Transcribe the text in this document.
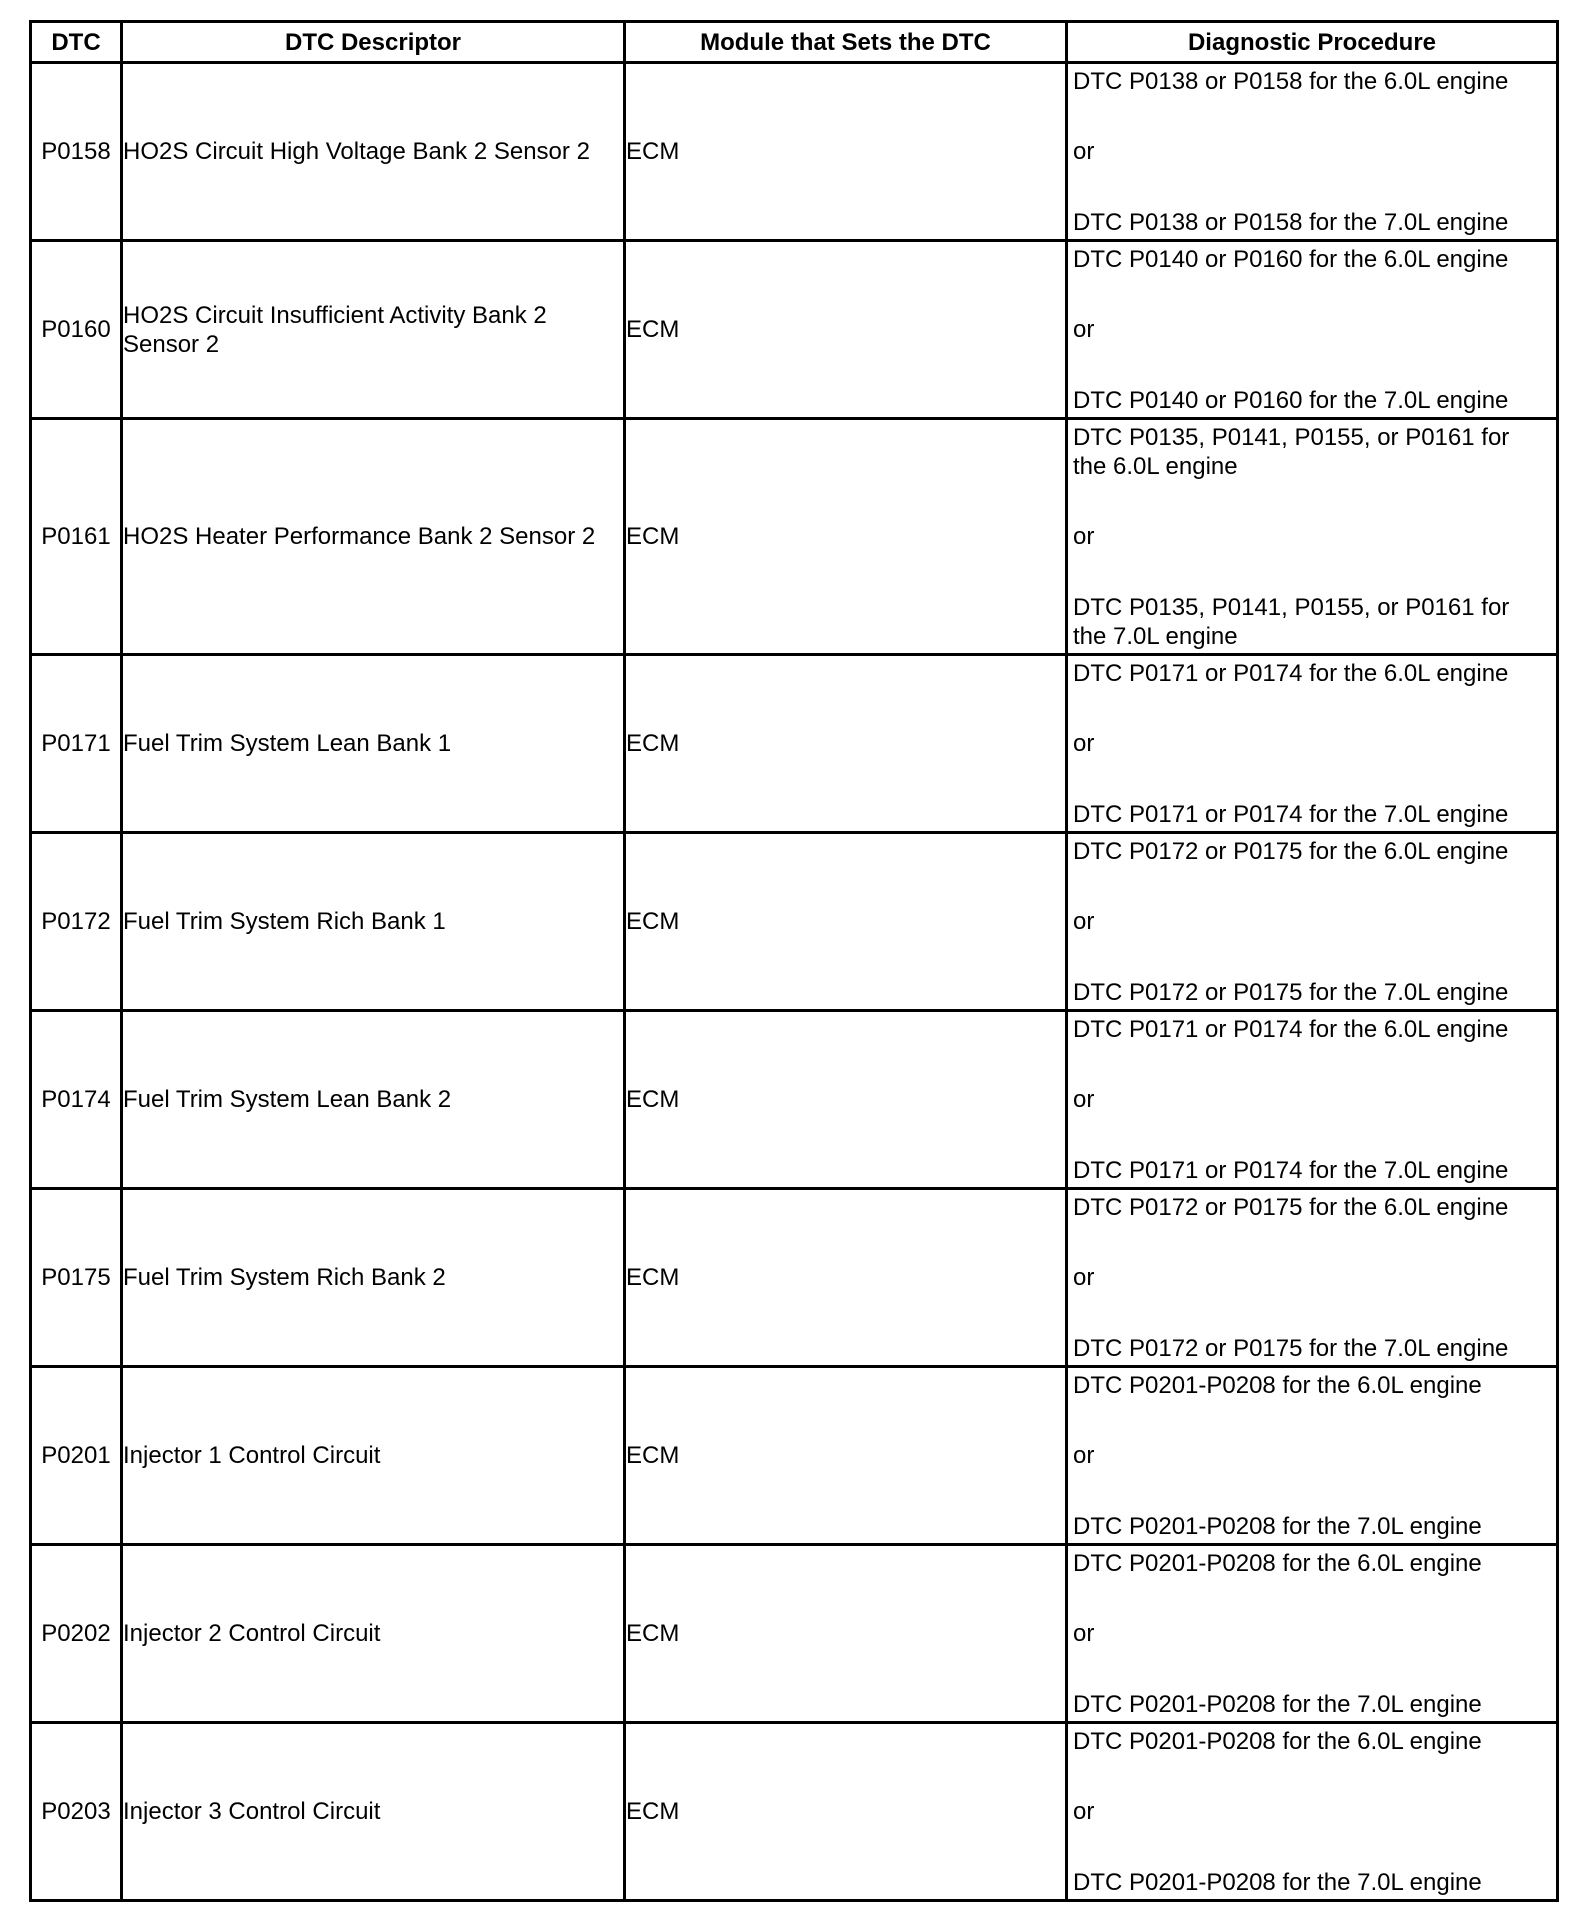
DTC	DTC Descriptor	Module that Sets the DTC	Diagnostic Procedure
P0158	HO2S Circuit High Voltage Bank 2 Sensor 2	ECM	DTC P0138 or P0158 for the 6.0L engine
or
DTC P0138 or P0158 for the 7.0L engine

P0160	HO2S Circuit Insufficient Activity Bank 2 Sensor 2	ECM	DTC P0140 or P0160 for the 6.0L engine
or
DTC P0140 or P0160 for the 7.0L engine

P0161	HO2S Heater Performance Bank 2 Sensor 2	ECM	DTC P0135, P0141, P0155, or P0161 for the 6.0L engine
or
DTC P0135, P0141, P0155, or P0161 for the 7.0L engine

P0171	Fuel Trim System Lean Bank 1	ECM	DTC P0171 or P0174 for the 6.0L engine
or
DTC P0171 or P0174 for the 7.0L engine

P0172	Fuel Trim System Rich Bank 1	ECM	DTC P0172 or P0175 for the 6.0L engine
or
DTC P0172 or P0175 for the 7.0L engine

P0174	Fuel Trim System Lean Bank 2	ECM	DTC P0171 or P0174 for the 6.0L engine
or
DTC P0171 or P0174 for the 7.0L engine

P0175	Fuel Trim System Rich Bank 2	ECM	DTC P0172 or P0175 for the 6.0L engine
or
DTC P0172 or P0175 for the 7.0L engine

P0201	Injector 1 Control Circuit	ECM	DTC P0201-P0208 for the 6.0L engine
or
DTC P0201-P0208 for the 7.0L engine

P0202	Injector 2 Control Circuit	ECM	DTC P0201-P0208 for the 6.0L engine
or
DTC P0201-P0208 for the 7.0L engine

P0203	Injector 3 Control Circuit	ECM	DTC P0201-P0208 for the 6.0L engine
or
DTC P0201-P0208 for the 7.0L engine
